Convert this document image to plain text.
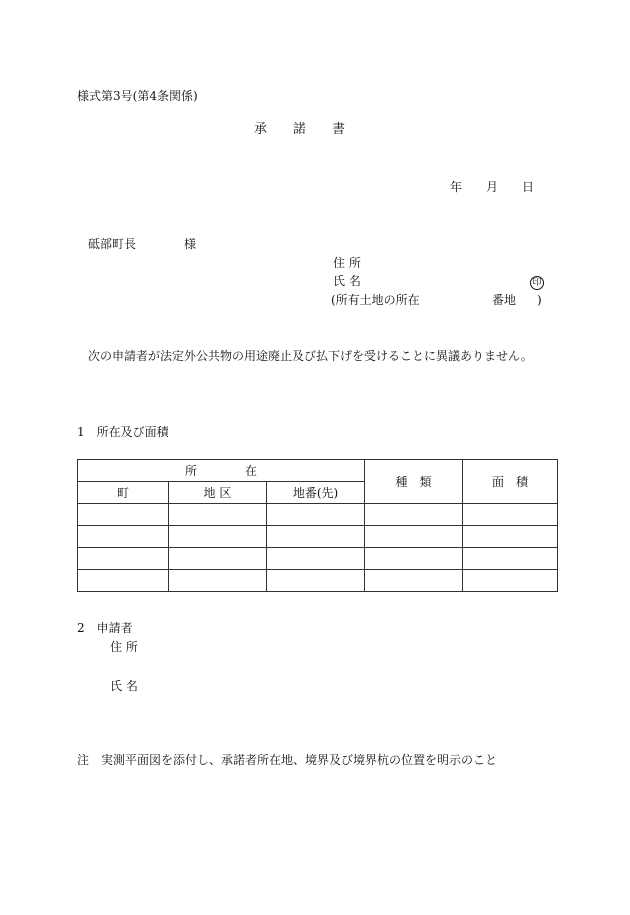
様式第3号(第4条関係)
承　　諾　　書
年　　月　　日
砥部町長　　　　様
住 所
氏 名	印
(所有土地の所在	番地 )
次の申請者が法定外公共物の用途廃止及び払下げを受けることに異議ありません。
1　所在及び面積
所　　　　在			種　類	面　積
町	地 区	地番(先)		

2　申請者
住 所
氏 名
注　実測平面図を添付し、承諾者所在地、境界及び境界杭の位置を明示のこと
